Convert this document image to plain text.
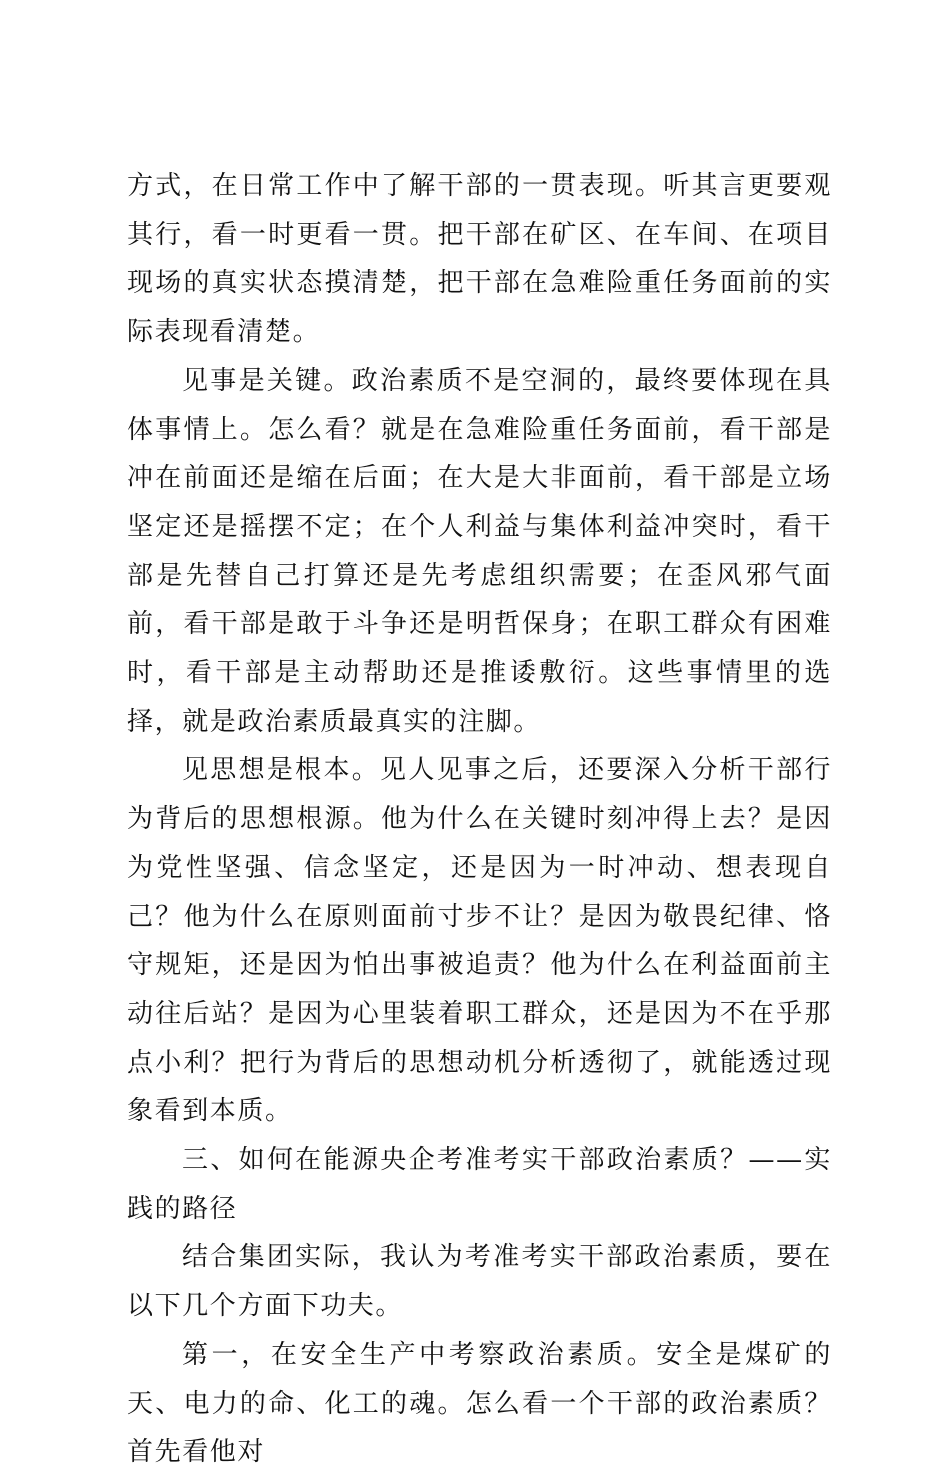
方式，在日常工作中了解干部的一贯表现。听其言更要观其行，看一时更看一贯。把干部在矿区、在车间、在项目现场的真实状态摸清楚，把干部在急难险重任务面前的实际表现看清楚。

见事是关键。政治素质不是空洞的，最终要体现在具体事情上。怎么看？就是在急难险重任务面前，看干部是冲在前面还是缩在后面；在大是大非面前，看干部是立场坚定还是摇摆不定；在个人利益与集体利益冲突时，看干部是先替自己打算还是先考虑组织需要；在歪风邪气面前，看干部是敢于斗争还是明哲保身；在职工群众有困难时，看干部是主动帮助还是推诿敷衍。这些事情里的选择，就是政治素质最真实的注脚。

见思想是根本。见人见事之后，还要深入分析干部行为背后的思想根源。他为什么在关键时刻冲得上去？是因为党性坚强、信念坚定，还是因为一时冲动、想表现自己？他为什么在原则面前寸步不让？是因为敬畏纪律、恪守规矩，还是因为怕出事被追责？他为什么在利益面前主动往后站？是因为心里装着职工群众，还是因为不在乎那点小利？把行为背后的思想动机分析透彻了，就能透过现象看到本质。

三、如何在能源央企考准考实干部政治素质？——实践的路径

结合集团实际，我认为考准考实干部政治素质，要在以下几个方面下功夫。

第一，在安全生产中考察政治素质。安全是煤矿的天、电力的命、化工的魂。怎么看一个干部的政治素质？首先看他对
